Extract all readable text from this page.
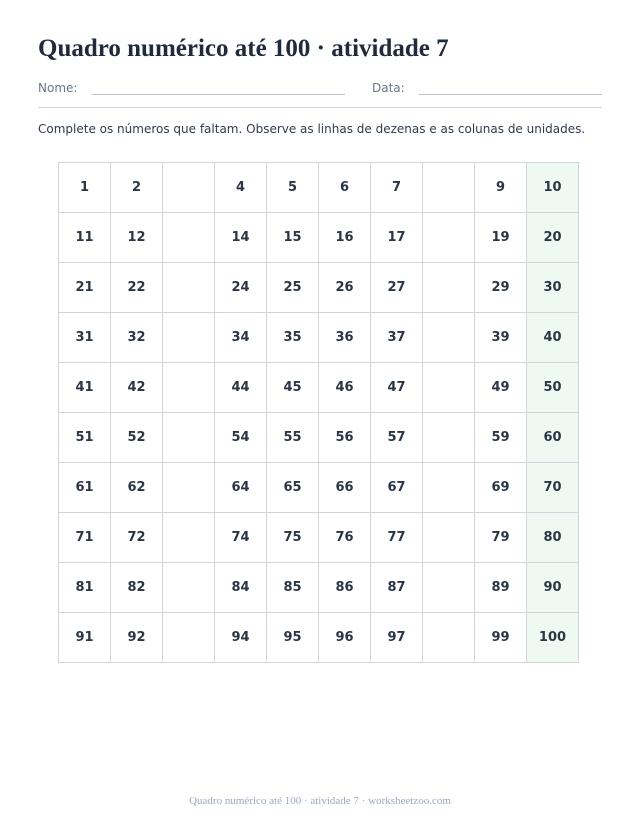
Quadro numérico até 100 · atividade 7
Nome:	Data:

Complete os números que faltam. Observe as linhas de dezenas e as colunas de unidades.

1	2		4	5	6	7		9	10
11	12		14	15	16	17		19	20
21	22		24	25	26	27		29	30
31	32		34	35	36	37		39	40
41	42		44	45	46	47		49	50
51	52		54	55	56	57		59	60
61	62		64	65	66	67		69	70
71	72		74	75	76	77		79	80
81	82		84	85	86	87		89	90
91	92		94	95	96	97		99	100
Quadro numérico até 100 · atividade 7 · worksheetzoo.com
